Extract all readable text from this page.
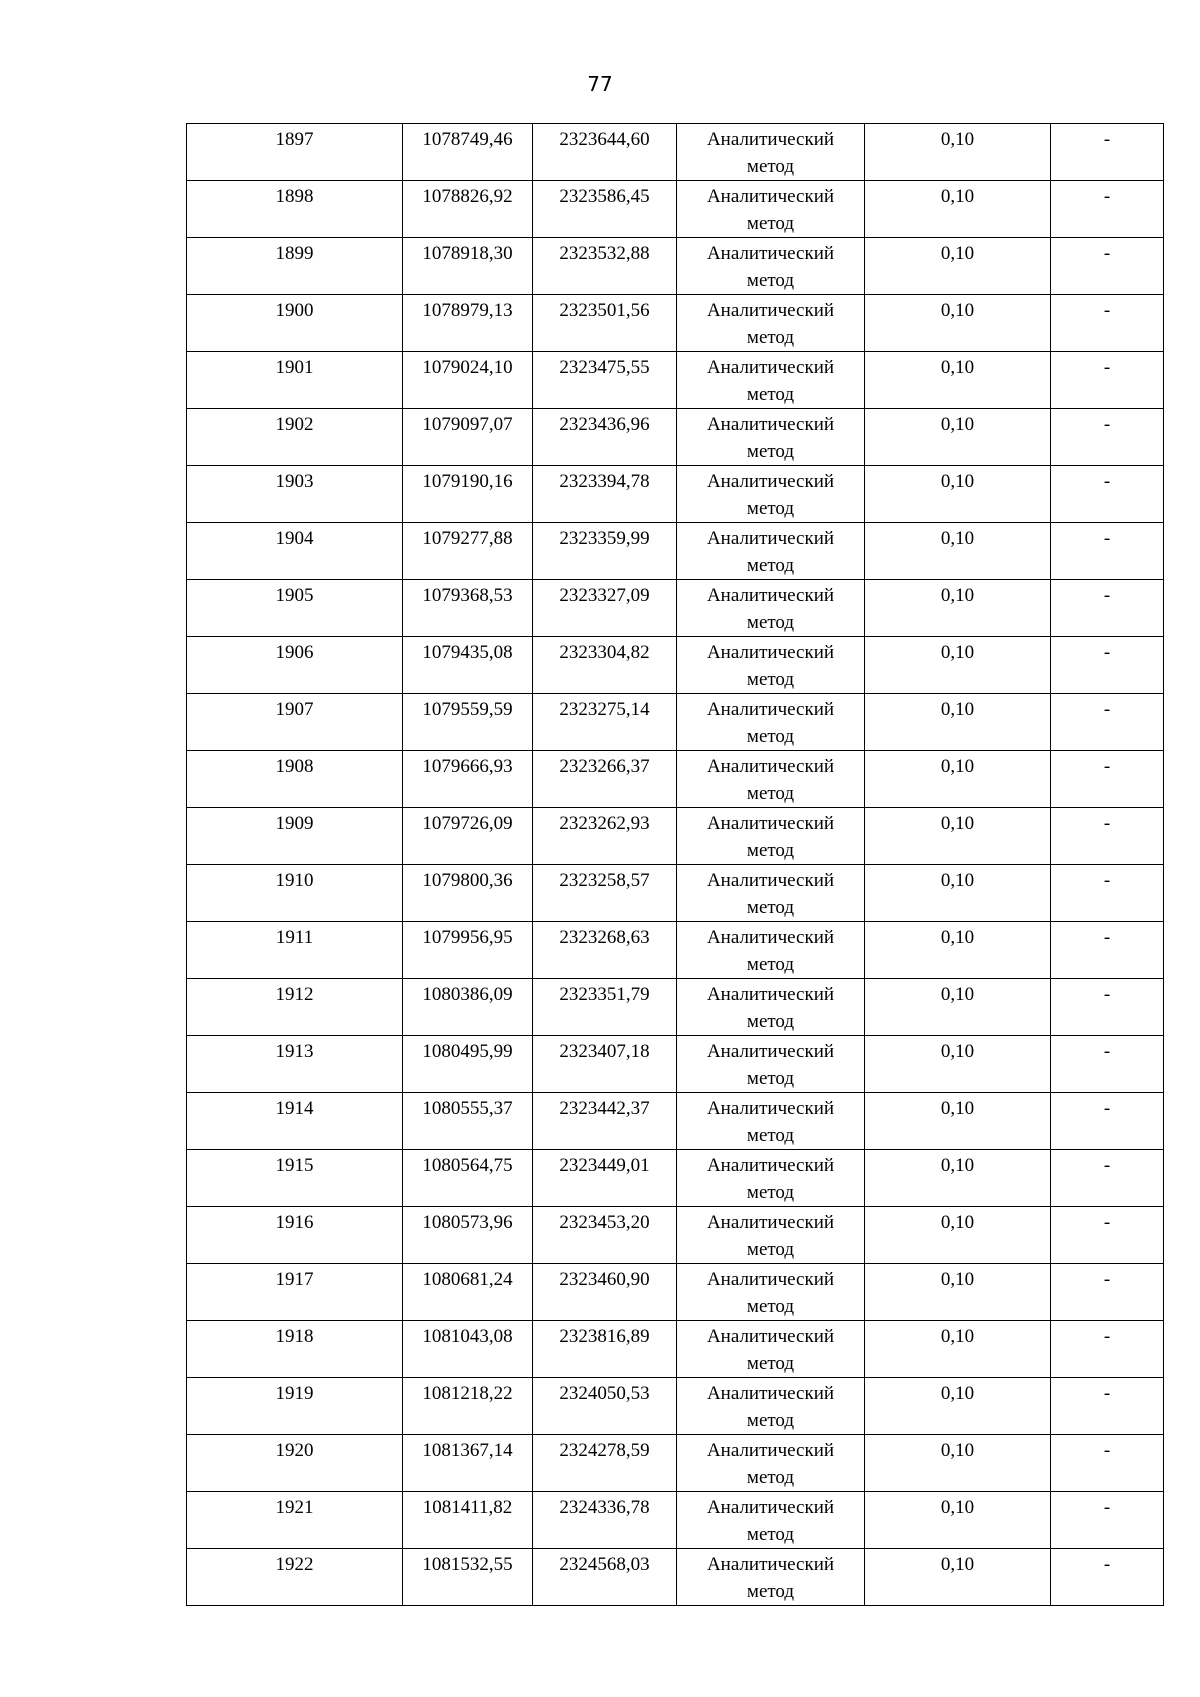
77
1897	1078749,46	2323644,60	Аналитический
метод	0,10	-
1898	1078826,92	2323586,45	Аналитический
метод	0,10	-
1899	1078918,30	2323532,88	Аналитический
метод	0,10	-
1900	1078979,13	2323501,56	Аналитический
метод	0,10	-
1901	1079024,10	2323475,55	Аналитический
метод	0,10	-
1902	1079097,07	2323436,96	Аналитический
метод	0,10	-
1903	1079190,16	2323394,78	Аналитический
метод	0,10	-
1904	1079277,88	2323359,99	Аналитический
метод	0,10	-
1905	1079368,53	2323327,09	Аналитический
метод	0,10	-
1906	1079435,08	2323304,82	Аналитический
метод	0,10	-
1907	1079559,59	2323275,14	Аналитический
метод	0,10	-
1908	1079666,93	2323266,37	Аналитический
метод	0,10	-
1909	1079726,09	2323262,93	Аналитический
метод	0,10	-
1910	1079800,36	2323258,57	Аналитический
метод	0,10	-
1911	1079956,95	2323268,63	Аналитический
метод	0,10	-
1912	1080386,09	2323351,79	Аналитический
метод	0,10	-
1913	1080495,99	2323407,18	Аналитический
метод	0,10	-
1914	1080555,37	2323442,37	Аналитический
метод	0,10	-
1915	1080564,75	2323449,01	Аналитический
метод	0,10	-
1916	1080573,96	2323453,20	Аналитический
метод	0,10	-
1917	1080681,24	2323460,90	Аналитический
метод	0,10	-
1918	1081043,08	2323816,89	Аналитический
метод	0,10	-
1919	1081218,22	2324050,53	Аналитический
метод	0,10	-
1920	1081367,14	2324278,59	Аналитический
метод	0,10	-
1921	1081411,82	2324336,78	Аналитический
метод	0,10	-
1922	1081532,55	2324568,03	Аналитический
метод	0,10	-
